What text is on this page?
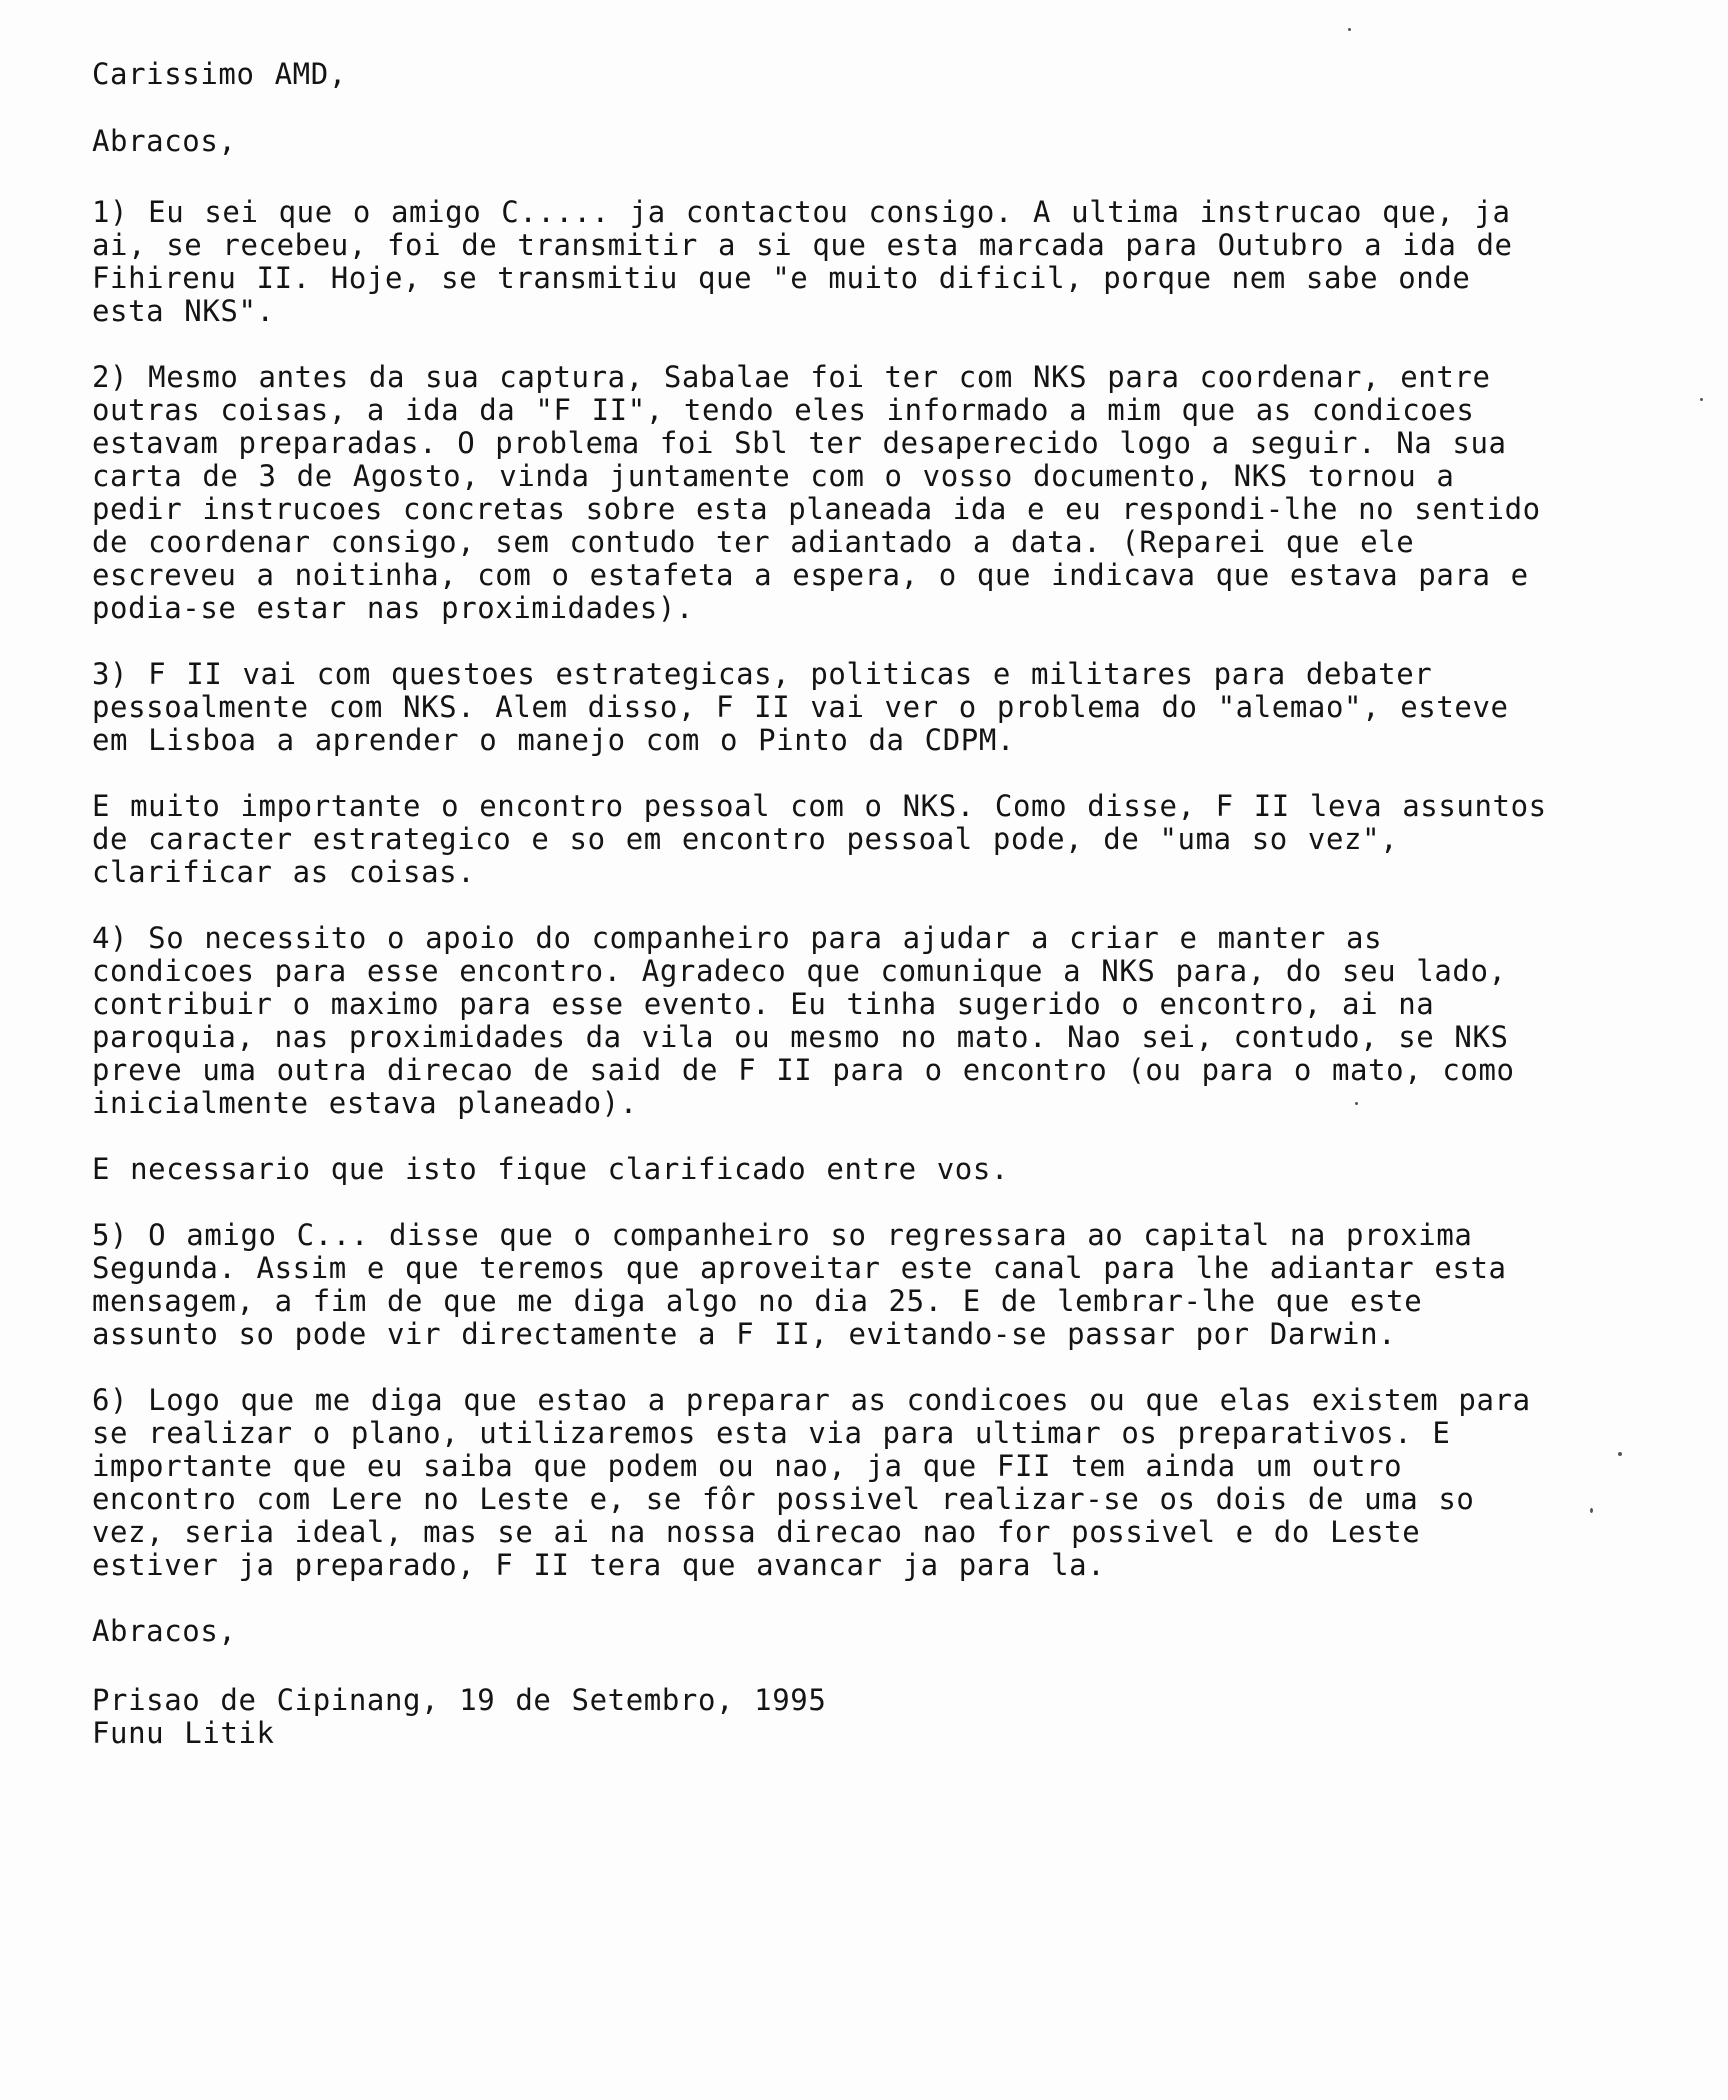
Carissimo AMD,
Abracos,
1) Eu sei que o amigo C..... ja contactou consigo. A ultima instrucao que, ja
ai, se recebeu, foi de transmitir a si que esta marcada para Outubro a ida de
Fihirenu II. Hoje, se transmitiu que "e muito dificil, porque nem sabe onde
esta NKS".
2) Mesmo antes da sua captura, Sabalae foi ter com NKS para coordenar, entre
outras coisas, a ida da "F II", tendo eles informado a mim que as condicoes
estavam preparadas. O problema foi Sbl ter desaperecido logo a seguir. Na sua
carta de 3 de Agosto, vinda juntamente com o vosso documento, NKS tornou a
pedir instrucoes concretas sobre esta planeada ida e eu respondi-lhe no sentido
de coordenar consigo, sem contudo ter adiantado a data. (Reparei que ele
escreveu a noitinha, com o estafeta a espera, o que indicava que estava para e
podia-se estar nas proximidades).
3) F II vai com questoes estrategicas, politicas e militares para debater
pessoalmente com NKS. Alem disso, F II vai ver o problema do "alemao", esteve
em Lisboa a aprender o manejo com o Pinto da CDPM.
E muito importante o encontro pessoal com o NKS. Como disse, F II leva assuntos
de caracter estrategico e so em encontro pessoal pode, de "uma so vez",
clarificar as coisas.
4) So necessito o apoio do companheiro para ajudar a criar e manter as
condicoes para esse encontro. Agradeco que comunique a NKS para, do seu lado,
contribuir o maximo para esse evento. Eu tinha sugerido o encontro, ai na
paroquia, nas proximidades da vila ou mesmo no mato. Nao sei, contudo, se NKS
preve uma outra direcao de said de F II para o encontro (ou para o mato, como
inicialmente estava planeado).
E necessario que isto fique clarificado entre vos.
5) O amigo C... disse que o companheiro so regressara ao capital na proxima
Segunda. Assim e que teremos que aproveitar este canal para lhe adiantar esta
mensagem, a fim de que me diga algo no dia 25. E de lembrar-lhe que este
assunto so pode vir directamente a F II, evitando-se passar por Darwin.
6) Logo que me diga que estao a preparar as condicoes ou que elas existem para
se realizar o plano, utilizaremos esta via para ultimar os preparativos. E
importante que eu saiba que podem ou nao, ja que FII tem ainda um outro
encontro com Lere no Leste e, se fôr possivel realizar-se os dois de uma so
vez, seria ideal, mas se ai na nossa direcao nao for possivel e do Leste
estiver ja preparado, F II tera que avancar ja para la.
Abracos,
Prisao de Cipinang, 19 de Setembro, 1995
Funu Litik
